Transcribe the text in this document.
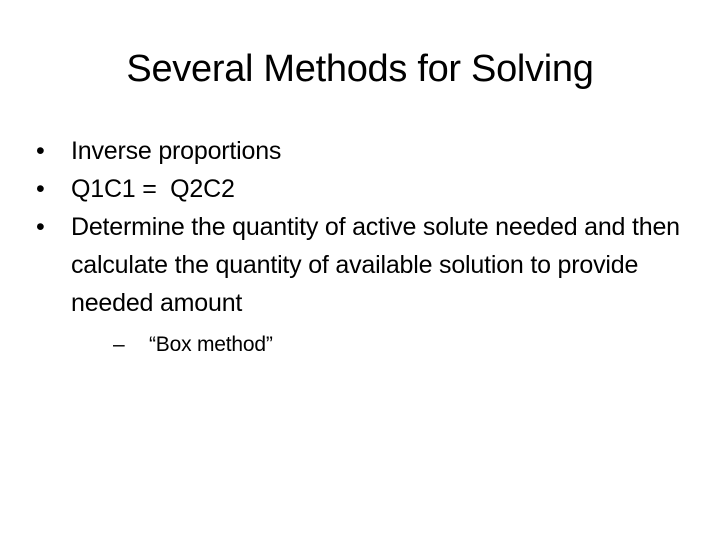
Several Methods for Solving
•	Inverse proportions
•	Q1C1 =  Q2C2
•	Determine the quantity of active solute needed and then calculate the quantity of available solution to provide needed amount
– “Box method”
